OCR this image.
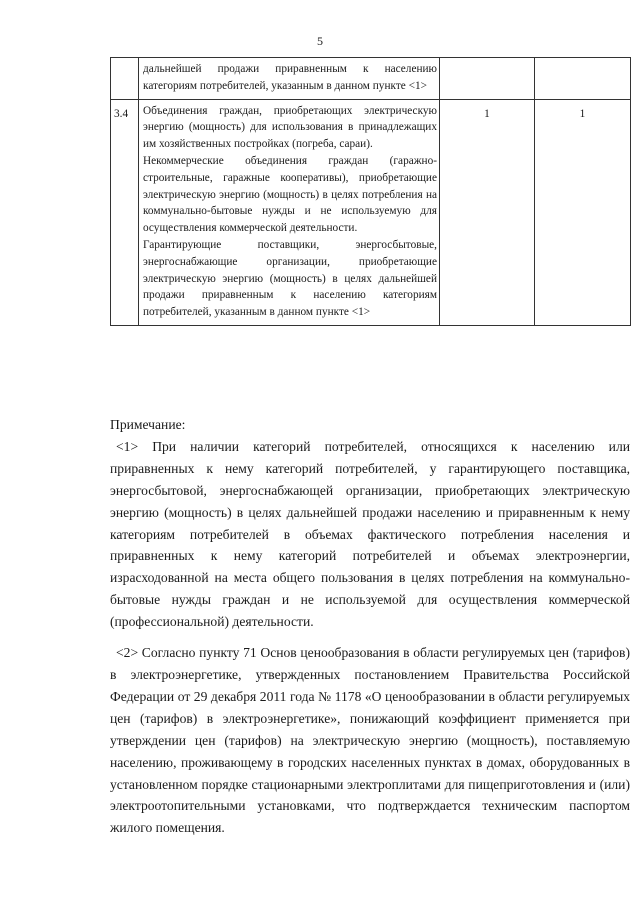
5

	дальнейшей продажи приравненным к населению категориям потребителей, указанным в данном пункте <1>		

3.4	Объединения граждан, приобретающих электрическую энергию (мощность) для использования в принадлежащих им хозяйственных постройках (погреба, сараи).

Некоммерческие объединения граждан (гаражно-строительные, гаражные кооперативы), приобретающие электрическую энергию (мощность) в целях потребления на коммунально-бытовые нужды и не используемую для осуществления коммерческой деятельности.

Гарантирующие поставщики, энергосбытовые, энергоснабжающие организации, приобретающие электрическую энергию (мощность) в целях дальнейшей продажи приравненным к населению категориям потребителей, указанным в данном пункте <1>	1	1

Примечание:

<1> При наличии категорий потребителей, относящихся к населению или приравненных к нему категорий потребителей, у гарантирующего поставщика, энергосбытовой, энергоснабжающей организации, приобретающих электрическую энергию (мощность) в целях дальнейшей продажи населению и приравненным к нему категориям потребителей в объемах фактического потребления населения и приравненных к нему категорий потребителей и объемах электроэнергии, израсходованной на места общего пользования в целях потребления на коммунально-бытовые нужды граждан и не используемой для осуществления коммерческой (профессиональной) деятельности.

<2> Согласно пункту 71 Основ ценообразования в области регулируемых цен (тарифов) в электроэнергетике, утвержденных постановлением Правительства Российской Федерации от 29 декабря 2011 года № 1178 «О ценообразовании в области регулируемых цен (тарифов) в электроэнергетике», понижающий коэффициент применяется при утверждении цен (тарифов) на электрическую энергию (мощность), поставляемую населению, проживающему в городских населенных пунктах в домах, оборудованных в установленном порядке стационарными электроплитами для пищеприготовления и (или) электроотопительными установками, что подтверждается техническим паспортом жилого помещения.
